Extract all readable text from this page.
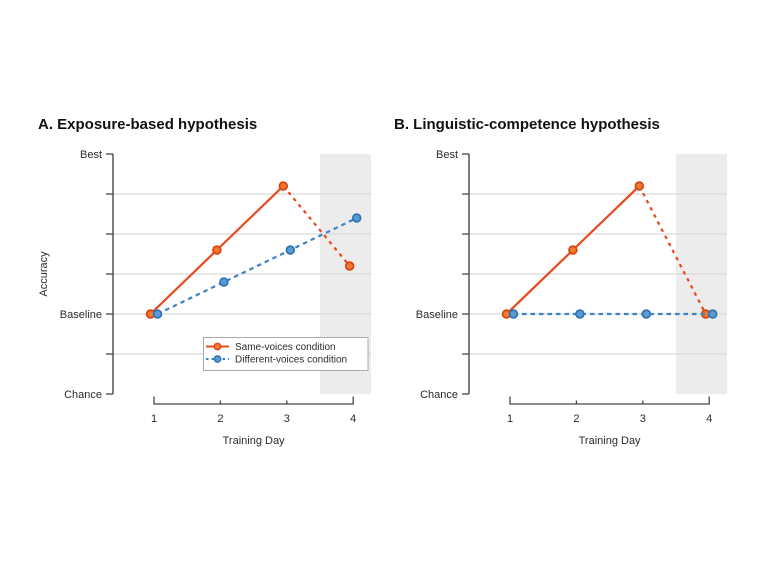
A. Exposure-based hypothesis
Best
Baseline
Chance
1	2	3	4
Training Day
Accuracy
Same-voices condition
Different-voices condition
B. Linguistic-competence hypothesis
Best
Baseline
Chance
1	2	3	4
Training Day
